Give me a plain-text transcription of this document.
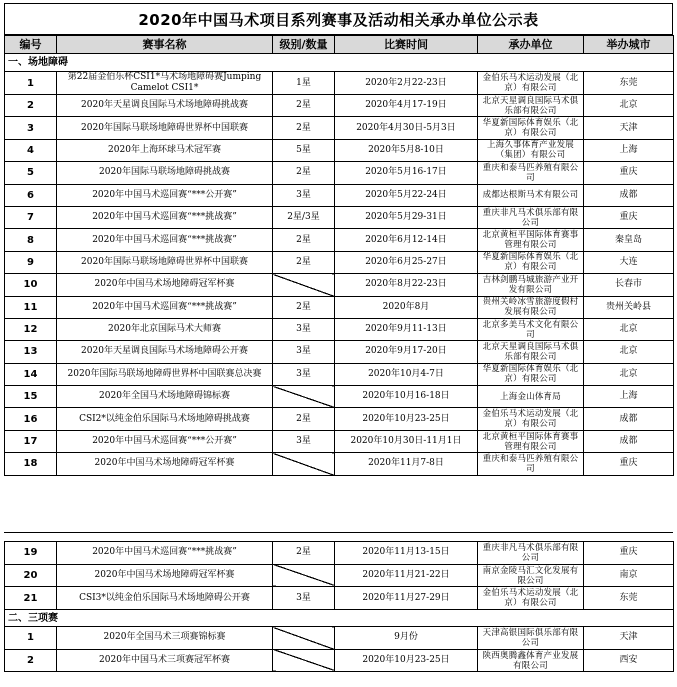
2020年中国马术项目系列赛事及活动相关承办单位公示表
编号	赛事名称	级别/数量	比赛时间	承办单位	举办城市
一、场地障碍					
1	第22届金伯乐杯CSI1*马术场地障碍赛Jumping Camelot CSI1*	1星	2020年2月22-23日	金伯乐马术运动发展（北京）有限公司	东莞
2	2020年天星调良国际马术场地障碍挑战赛	2星	2020年4月17-19日	北京天星调良国际马术俱乐部有限公司	北京
3	2020年国际马联场地障碍世界杯中国联赛	2星	2020年4月30日-5月3日	华夏新国际体育娱乐（北京）有限公司	天津
4	2020年上海环球马术冠军赛	5星	2020年5月8-10日	上海久事体育产业发展（集团）有限公司	上海
5	2020年国际马联场地障碍挑战赛	2星	2020年5月16-17日	重庆和泰马匹养殖有限公司	重庆
6	2020年中国马术巡回赛“***公开赛”	3星	2020年5月22-24日	成都达根斯马术有限公司	成都
7	2020年中国马术巡回赛“***挑战赛”	2星/3星	2020年5月29-31日	重庆非凡马术俱乐部有限公司	重庆
8	2020年中国马术巡回赛“***挑战赛”	2星	2020年6月12-14日	北京黄桓平国际体育赛事管理有限公司	秦皇岛
9	2020年国际马联场地障碍世界杯中国联赛	2星	2020年6月25-27日	华夏新国际体育娱乐（北京）有限公司	大连
10	2020年中国马术场地障碍冠军杯赛		2020年8月22-23日	吉林剑鹏马城旅游产业开发有限公司	长春市
11	2020年中国马术巡回赛“***挑战赛”	2星	2020年8月	贵州关岭冰雪旅游度假村发展有限公司	贵州关岭县
12	2020年北京国际马术大师赛	3星	2020年9月11-13日	北京多美马术文化有限公司	北京
13	2020年天星调良国际马术场地障碍公开赛	3星	2020年9月17-20日	北京天星调良国际马术俱乐部有限公司	北京
14	2020年国际马联场地障碍世界杯中国联赛总决赛	3星	2020年10月4-7日	华夏新国际体育娱乐（北京）有限公司	北京
15	2020年全国马术场地障碍锦标赛		2020年10月16-18日	上海金山体育局	上海
16	CSI2*以纯金伯乐国际马术场地障碍挑战赛	2星	2020年10月23-25日	金伯乐马术运动发展（北京）有限公司	成都
17	2020年中国马术巡回赛“***公开赛”	3星	2020年10月30日-11月1日	北京黄桓平国际体育赛事管理有限公司	成都
18	2020年中国马术场地障碍冠军杯赛		2020年11月7-8日	重庆和泰马匹养殖有限公司	重庆
19	2020年中国马术巡回赛“***挑战赛”	2星	2020年11月13-15日	重庆非凡马术俱乐部有限公司	重庆
20	2020年中国马术场地障碍冠军杯赛		2020年11月21-22日	南京金陵马汇文化发展有限公司	南京
21	CSI3*以纯金伯乐国际马术场地障碍公开赛	3星	2020年11月27-29日	金伯乐马术运动发展（北京）有限公司	东莞
二、三项赛					
1	2020年全国马术三项赛锦标赛		9月份	天津高银国际俱乐部有限公司	天津
2	2020年中国马术三项赛冠军杯赛		2020年10月23-25日	陕西奥腾鑫体育产业发展有限公司	西安
